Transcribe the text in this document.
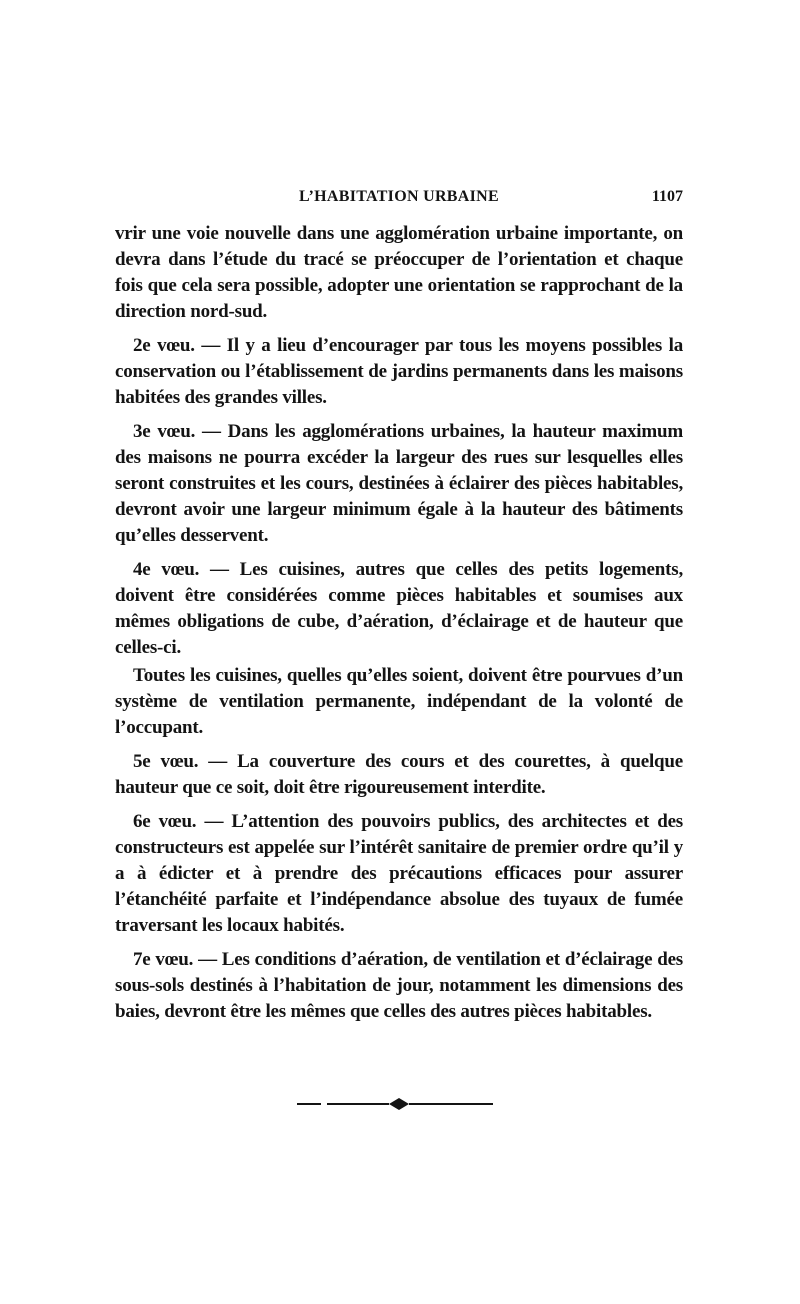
L’HABITATION URBAINE	1107

vrir une voie nouvelle dans une agglomération urbaine importante, on devra dans l’étude du tracé se préoccuper de l’orientation et chaque fois que cela sera possible, adopter une orientation se rapprochant de la direction nord-sud.

2e vœu. — Il y a lieu d’encourager par tous les moyens possibles la conservation ou l’établissement de jardins permanents dans les maisons habitées des grandes villes.

3e vœu. — Dans les agglomérations urbaines, la hauteur maximum des maisons ne pourra excéder la largeur des rues sur lesquelles elles seront construites et les cours, destinées à éclairer des pièces habitables, devront avoir une largeur minimum égale à la hauteur des bâtiments qu’elles desservent.

4e vœu. — Les cuisines, autres que celles des petits logements, doivent être considérées comme pièces habitables et soumises aux mêmes obligations de cube, d’aération, d’éclairage et de hauteur que celles-ci.

Toutes les cuisines, quelles qu’elles soient, doivent être pourvues d’un système de ventilation permanente, indépendant de la volonté de l’occupant.

5e vœu. — La couverture des cours et des courettes, à quelque hauteur que ce soit, doit être rigoureusement interdite.

6e vœu. — L’attention des pouvoirs publics, des architectes et des constructeurs est appelée sur l’intérêt sanitaire de premier ordre qu’il y a à édicter et à prendre des précautions efficaces pour assurer l’étanchéité parfaite et l’indépendance absolue des tuyaux de fumée traversant les locaux habités.

7e vœu. — Les conditions d’aération, de ventilation et d’éclairage des sous-sols destinés à l’habitation de jour, notamment les dimensions des baies, devront être les mêmes que celles des autres pièces habitables.
